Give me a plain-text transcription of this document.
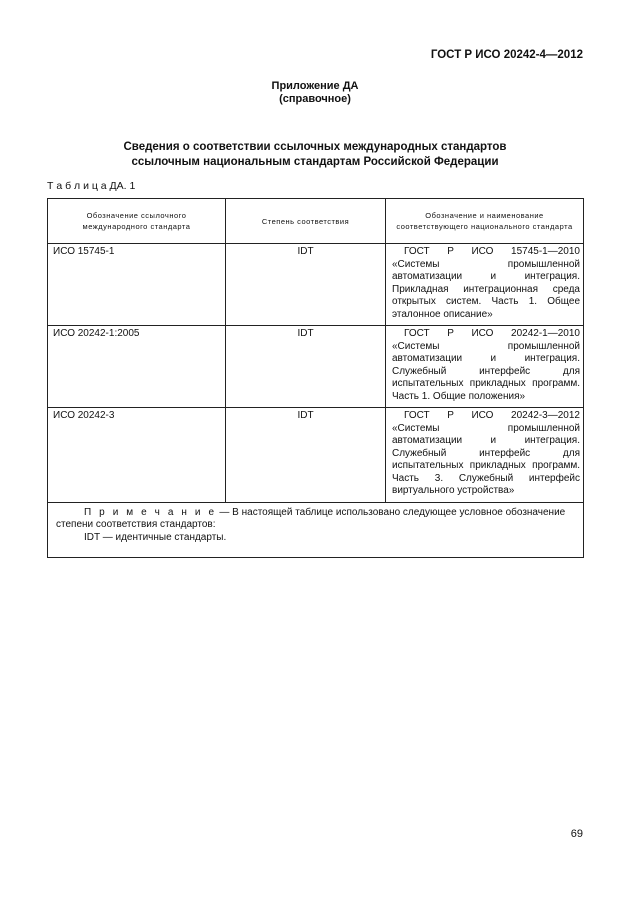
ГОСТ Р ИСО 20242-4—2012
Приложение ДА
(справочное)
Сведения о соответствии ссылочных международных стандартов
ссылочным национальным стандартам Российской Федерации
Т а б л и ц а ДА. 1
Обозначение ссылочного международного стандарта	Степень соответствия	Обозначение и наименование соответствующего национального стандарта
ИСО 15745-1	IDT	ГОСТ Р ИСО 15745-1—2010 «Системы промышленной автоматизации и интеграция. Прикладная интеграционная среда открытых систем. Часть 1. Общее эталонное описание»
ИСО 20242-1:2005	IDT	ГОСТ Р ИСО 20242-1—2010 «Системы промышленной автоматизации и интеграция. Служебный интерфейс для испытательных прикладных программ. Часть 1. Общие положения»
ИСО 20242-3	IDT	ГОСТ Р ИСО 20242-3—2012 «Системы промышленной автоматизации и интеграция. Служебный интерфейс для испытательных прикладных программ. Часть 3. Служебный интерфейс виртуального устройства»

П р и м е ч а н и е — В настоящей таблице использовано следующее условное обозначение степени соответствия стандартов:
IDT — идентичные стандарты.		
69
